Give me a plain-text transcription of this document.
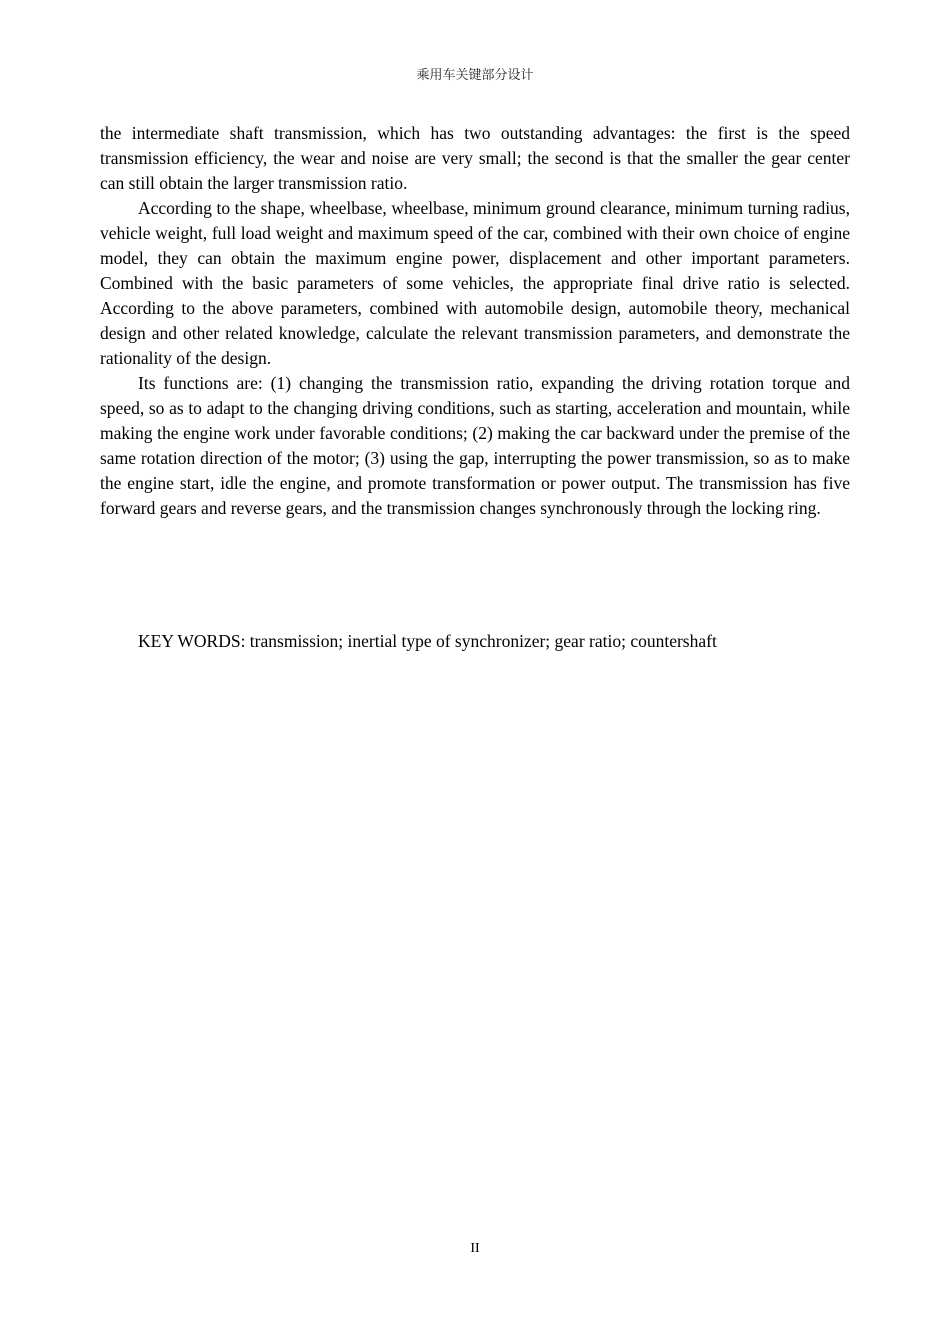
乘用车关键部分设计

the intermediate shaft transmission, which has two outstanding advantages: the first is the speed transmission efficiency, the wear and noise are very small; the second is that the smaller the gear center can still obtain the larger transmission ratio.

According to the shape, wheelbase, wheelbase, minimum ground clearance, minimum turning radius, vehicle weight, full load weight and maximum speed of the car, combined with their own choice of engine model, they can obtain the maximum engine power, displacement and other important parameters. Combined with the basic parameters of some vehicles, the appropriate final drive ratio is selected. According to the above parameters, combined with automobile design, automobile theory, mechanical design and other related knowledge, calculate the relevant transmission parameters, and demonstrate the rationality of the design.

Its functions are: (1) changing the transmission ratio, expanding the driving rotation torque and speed, so as to adapt to the changing driving conditions, such as starting, acceleration and mountain, while making the engine work under favorable conditions; (2) making the car backward under the premise of the same rotation direction of the motor; (3) using the gap, interrupting the power transmission, so as to make the engine start, idle the engine, and promote transformation or power output. The transmission has five forward gears and reverse gears, and the transmission changes synchronously through the locking ring.

KEY WORDS: transmission; inertial type of synchronizer; gear ratio; countershaft
II
